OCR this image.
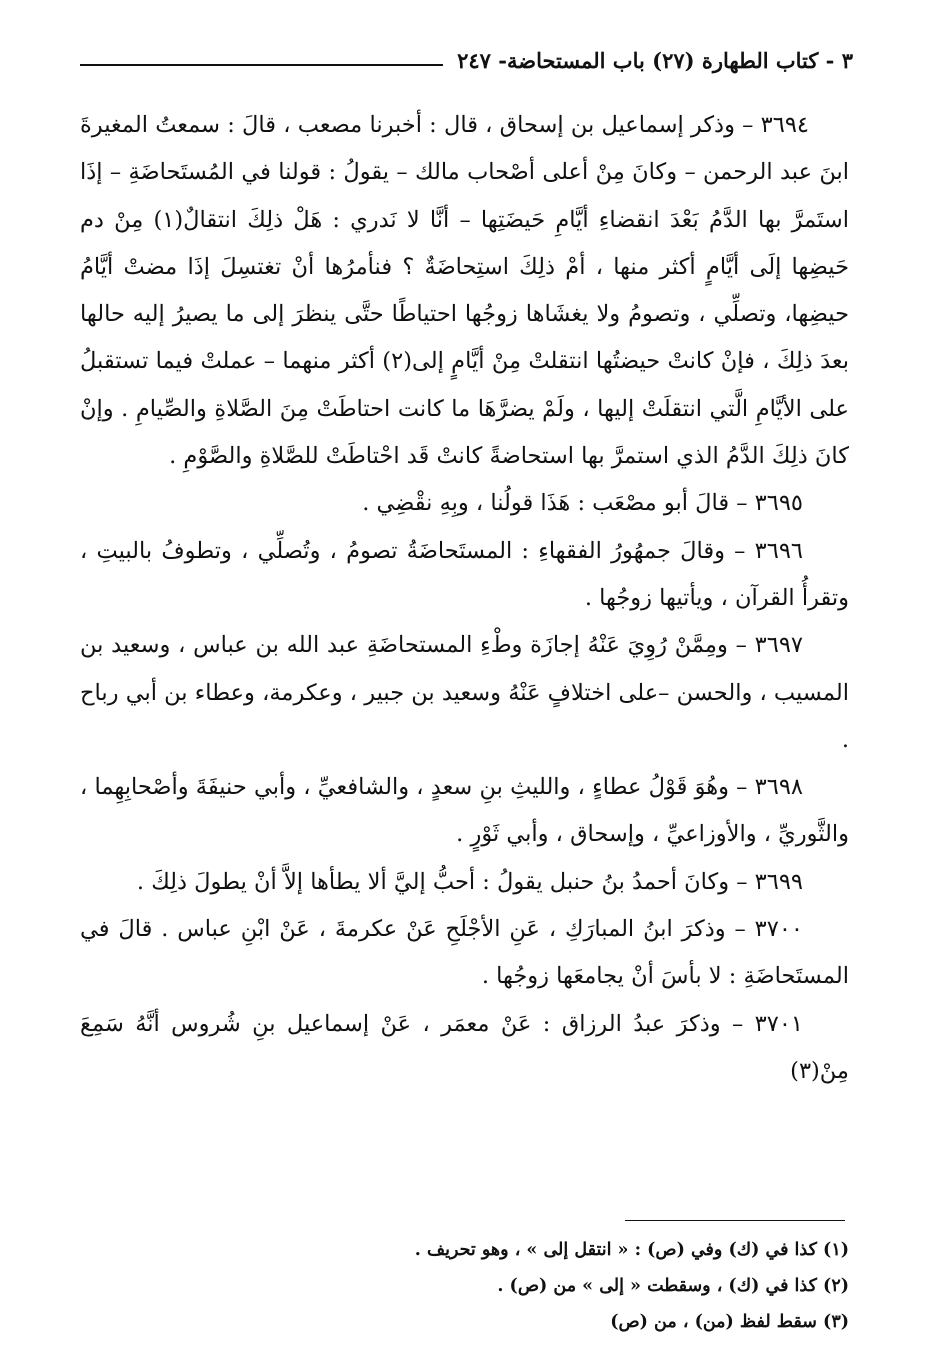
٣ - كتاب الطهارة (٢٧) باب المستحاضة- ٢٤٧

٣٦٩٤ – وذكر إسماعيل بن إسحاق ، قال : أخبرنا مصعب ، قالَ : سمعتُ المغيرةَ ابنَ عبد الرحمن – وكانَ مِنْ أعلى أصْحاب مالك – يقولُ : قولنا في المُستَحاضَةِ – إذَا استَمرَّ بها الدَّمُ بَعْدَ انقضاءِ أيَّامِ حَيضَتِها – أنَّا لا نَدري : هَلْ ذلِكَ انتقالٌ(١) مِنْ دم حَيضِها إلَى أيَّامٍ أكثر منها ، أمْ ذلِكَ استِحاضَةٌ ؟ فنأمرُها أنْ تغتسِلَ إذَا مضتْ أيَّامُ حيضِها، وتصلِّي ، وتصومُ ولا يغشَاها زوجُها احتياطًا حتَّى ينظرَ إلى ما يصيرُ إليه حالها بعدَ ذلِكَ ، فإنْ كانتْ حيضتُها انتقلتْ مِنْ أيَّامٍ إلى(٢) أكثر منهما – عملتْ فيما تستقبلُ على الأيَّامِ الَّتي انتقلَتْ إليها ، ولَمْ يضرَّهَا ما كانت احتاطَتْ مِنَ الصَّلاةِ والصِّيامِ . وإنْ كانَ ذلِكَ الدَّمُ الذي استمرَّ بها استحاضةً كانتْ قَد احْتاطَتْ للصَّلاةِ والصَّوْمِ .

٣٦٩٥ – قالَ أبو مصْعَب : هَذَا قولُنا ، وبِهِ نقْضِي .

٣٦٩٦ – وقالَ جمهُورُ الفقهاءِ : المستَحاضَةُ تصومُ ، وتُصلِّي ، وتطوفُ بالبيتِ ، وتقرأُ القرآن ، ويأتيها زوجُها .

٣٦٩٧ – ومِمَّنْ رُوِيَ عَنْهُ إجازَة وطْءِ المستحاضَةِ عبد الله بن عباس ، وسعيد بن المسيب ، والحسن –على اختلافٍ عَنْهُ وسعيد بن جبير ، وعكرمة، وعطاء بن أبي رباح .

٣٦٩٨ – وهُوَ قَوْلُ عطاءٍ ، والليثِ بنِ سعدٍ ، والشافعيِّ ، وأبي حنيفَةَ وأصْحابِهِما ، والثَّوريِّ ، والأوزاعيِّ ، وإسحاق ، وأبي ثَوْرٍ .

٣٦٩٩ – وكانَ أحمدُ بنُ حنبل يقولُ : أحبُّ إليَّ ألا يطأها إلاَّ أنْ يطولَ ذلِكَ .

٣٧٠٠ – وذكرَ ابنُ المبارَكِ ، عَنِ الأجْلَحِ عَنْ عكرمةَ ، عَنْ ابْنِ عباس . قالَ في المستَحاضَةِ : لا بأسَ أنْ يجامعَها زوجُها .

٣٧٠١ – وذكرَ عبدُ الرزاق : عَنْ معمَر ، عَنْ إسماعيل بنِ شُروس أنَّهُ سَمِعَ مِنْ(٣)

(١) كذا في (ك) وفي (ص) : « انتقل إلى » ، وهو تحريف .

(٢) كذا في (ك) ، وسقطت « إلى » من (ص) .

(٣) سقط لفظ (من) ، من (ص)
